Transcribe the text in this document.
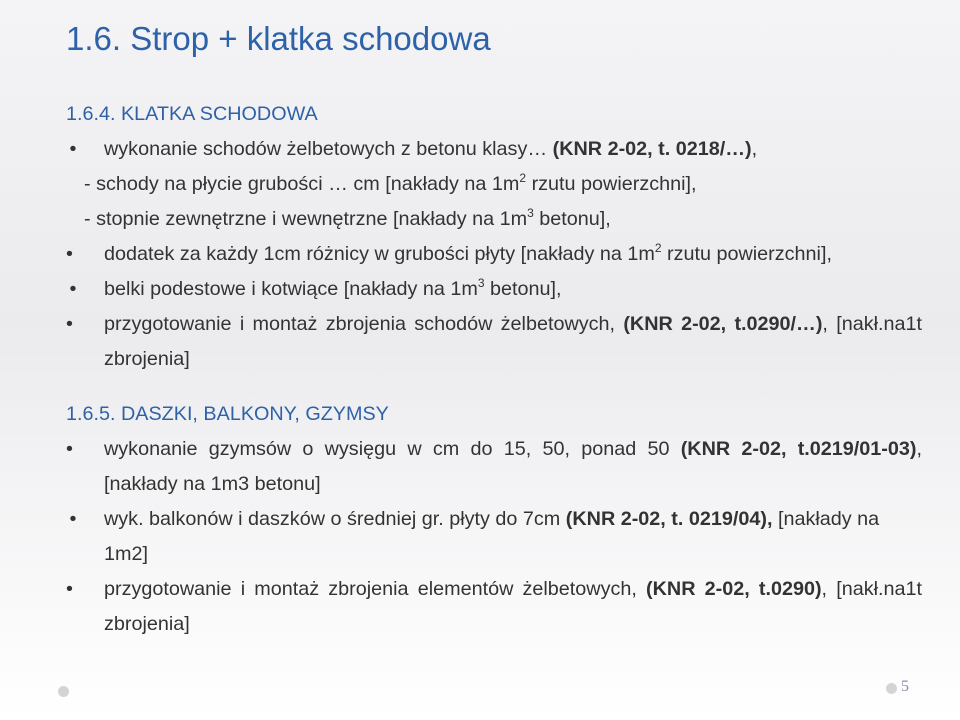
1.6. Strop + klatka schodowa
1.6.4. KLATKA SCHODOWA
• wykonanie schodów żelbetowych z betonu klasy… (KNR 2-02, t. 0218/…),
- schody na płycie grubości … cm [nakłady na $1m^2$ rzutu powierzchni],
- stopnie zewnętrzne i wewnętrzne [nakłady na $1m^3$ betonu],
•	dodatek za każdy 1cm różnicy w grubości płyty [nakłady na $1m^2$ rzutu powierzchni],
• belki podestowe i kotwiące [nakłady na $1m^3$ betonu],
•	przygotowanie i montaż zbrojenia schodów żelbetowych, (KNR 2-02, t.0290/…), [nakł.na1t zbrojenia]
1.6.5. DASZKI, BALKONY, GZYMSY
•	wykonanie gzymsów o wysięgu w cm do 15, 50, ponad 50 (KNR 2-02, t.0219/01-03), [nakłady na 1m3 betonu]
• wyk. balkonów i daszków o średniej gr. płyty do 7cm (KNR 2-02, t. 0219/04), [nakłady na 1m2]
•	przygotowanie i montaż zbrojenia elementów żelbetowych, (KNR 2-02, t.0290), [nakł.na1t zbrojenia]
5
